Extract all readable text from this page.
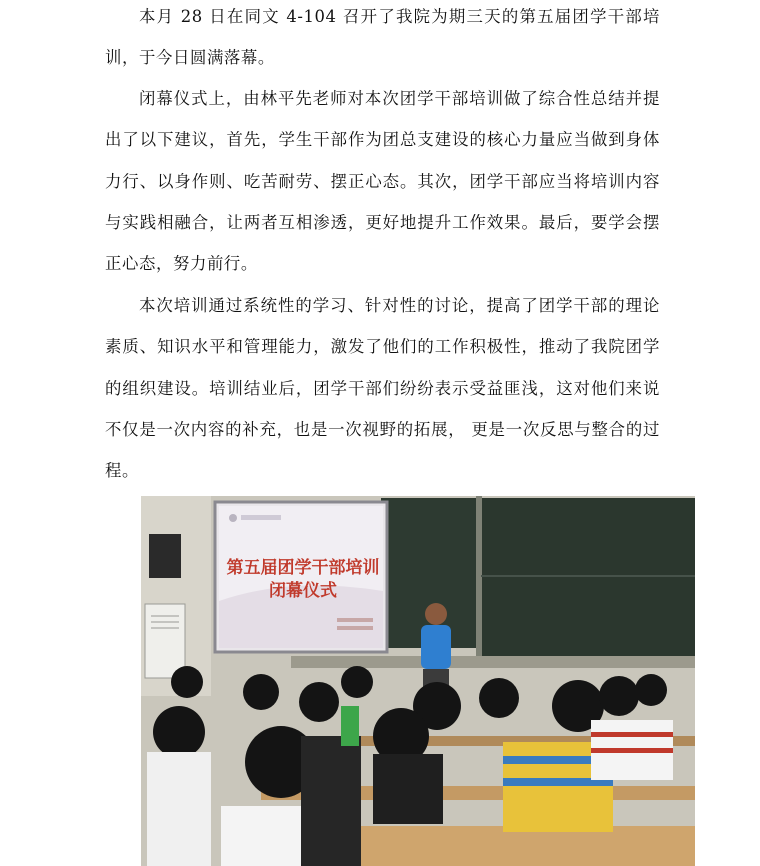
本月 28 日在同文 4-104 召开了我院为期三天的第五届团学干部培训，于今日圆满落幕。

闭幕仪式上，由林平先老师对本次团学干部培训做了综合性总结并提出了以下建议，首先，学生干部作为团总支建设的核心力量应当做到身体力行、以身作则、吃苦耐劳、摆正心态。其次，团学干部应当将培训内容与实践相融合，让两者互相渗透，更好地提升工作效果。最后，要学会摆正心态，努力前行。

本次培训通过系统性的学习、针对性的讨论，提高了团学干部的理论素质、知识水平和管理能力，激发了他们的工作积极性，推动了我院团学的组织建设。培训结业后，团学干部们纷纷表示受益匪浅，这对他们来说不仅是一次内容的补充，也是一次视野的拓展， 更是一次反思与整合的过程。

第五届团学干部培训
闭幕仪式
